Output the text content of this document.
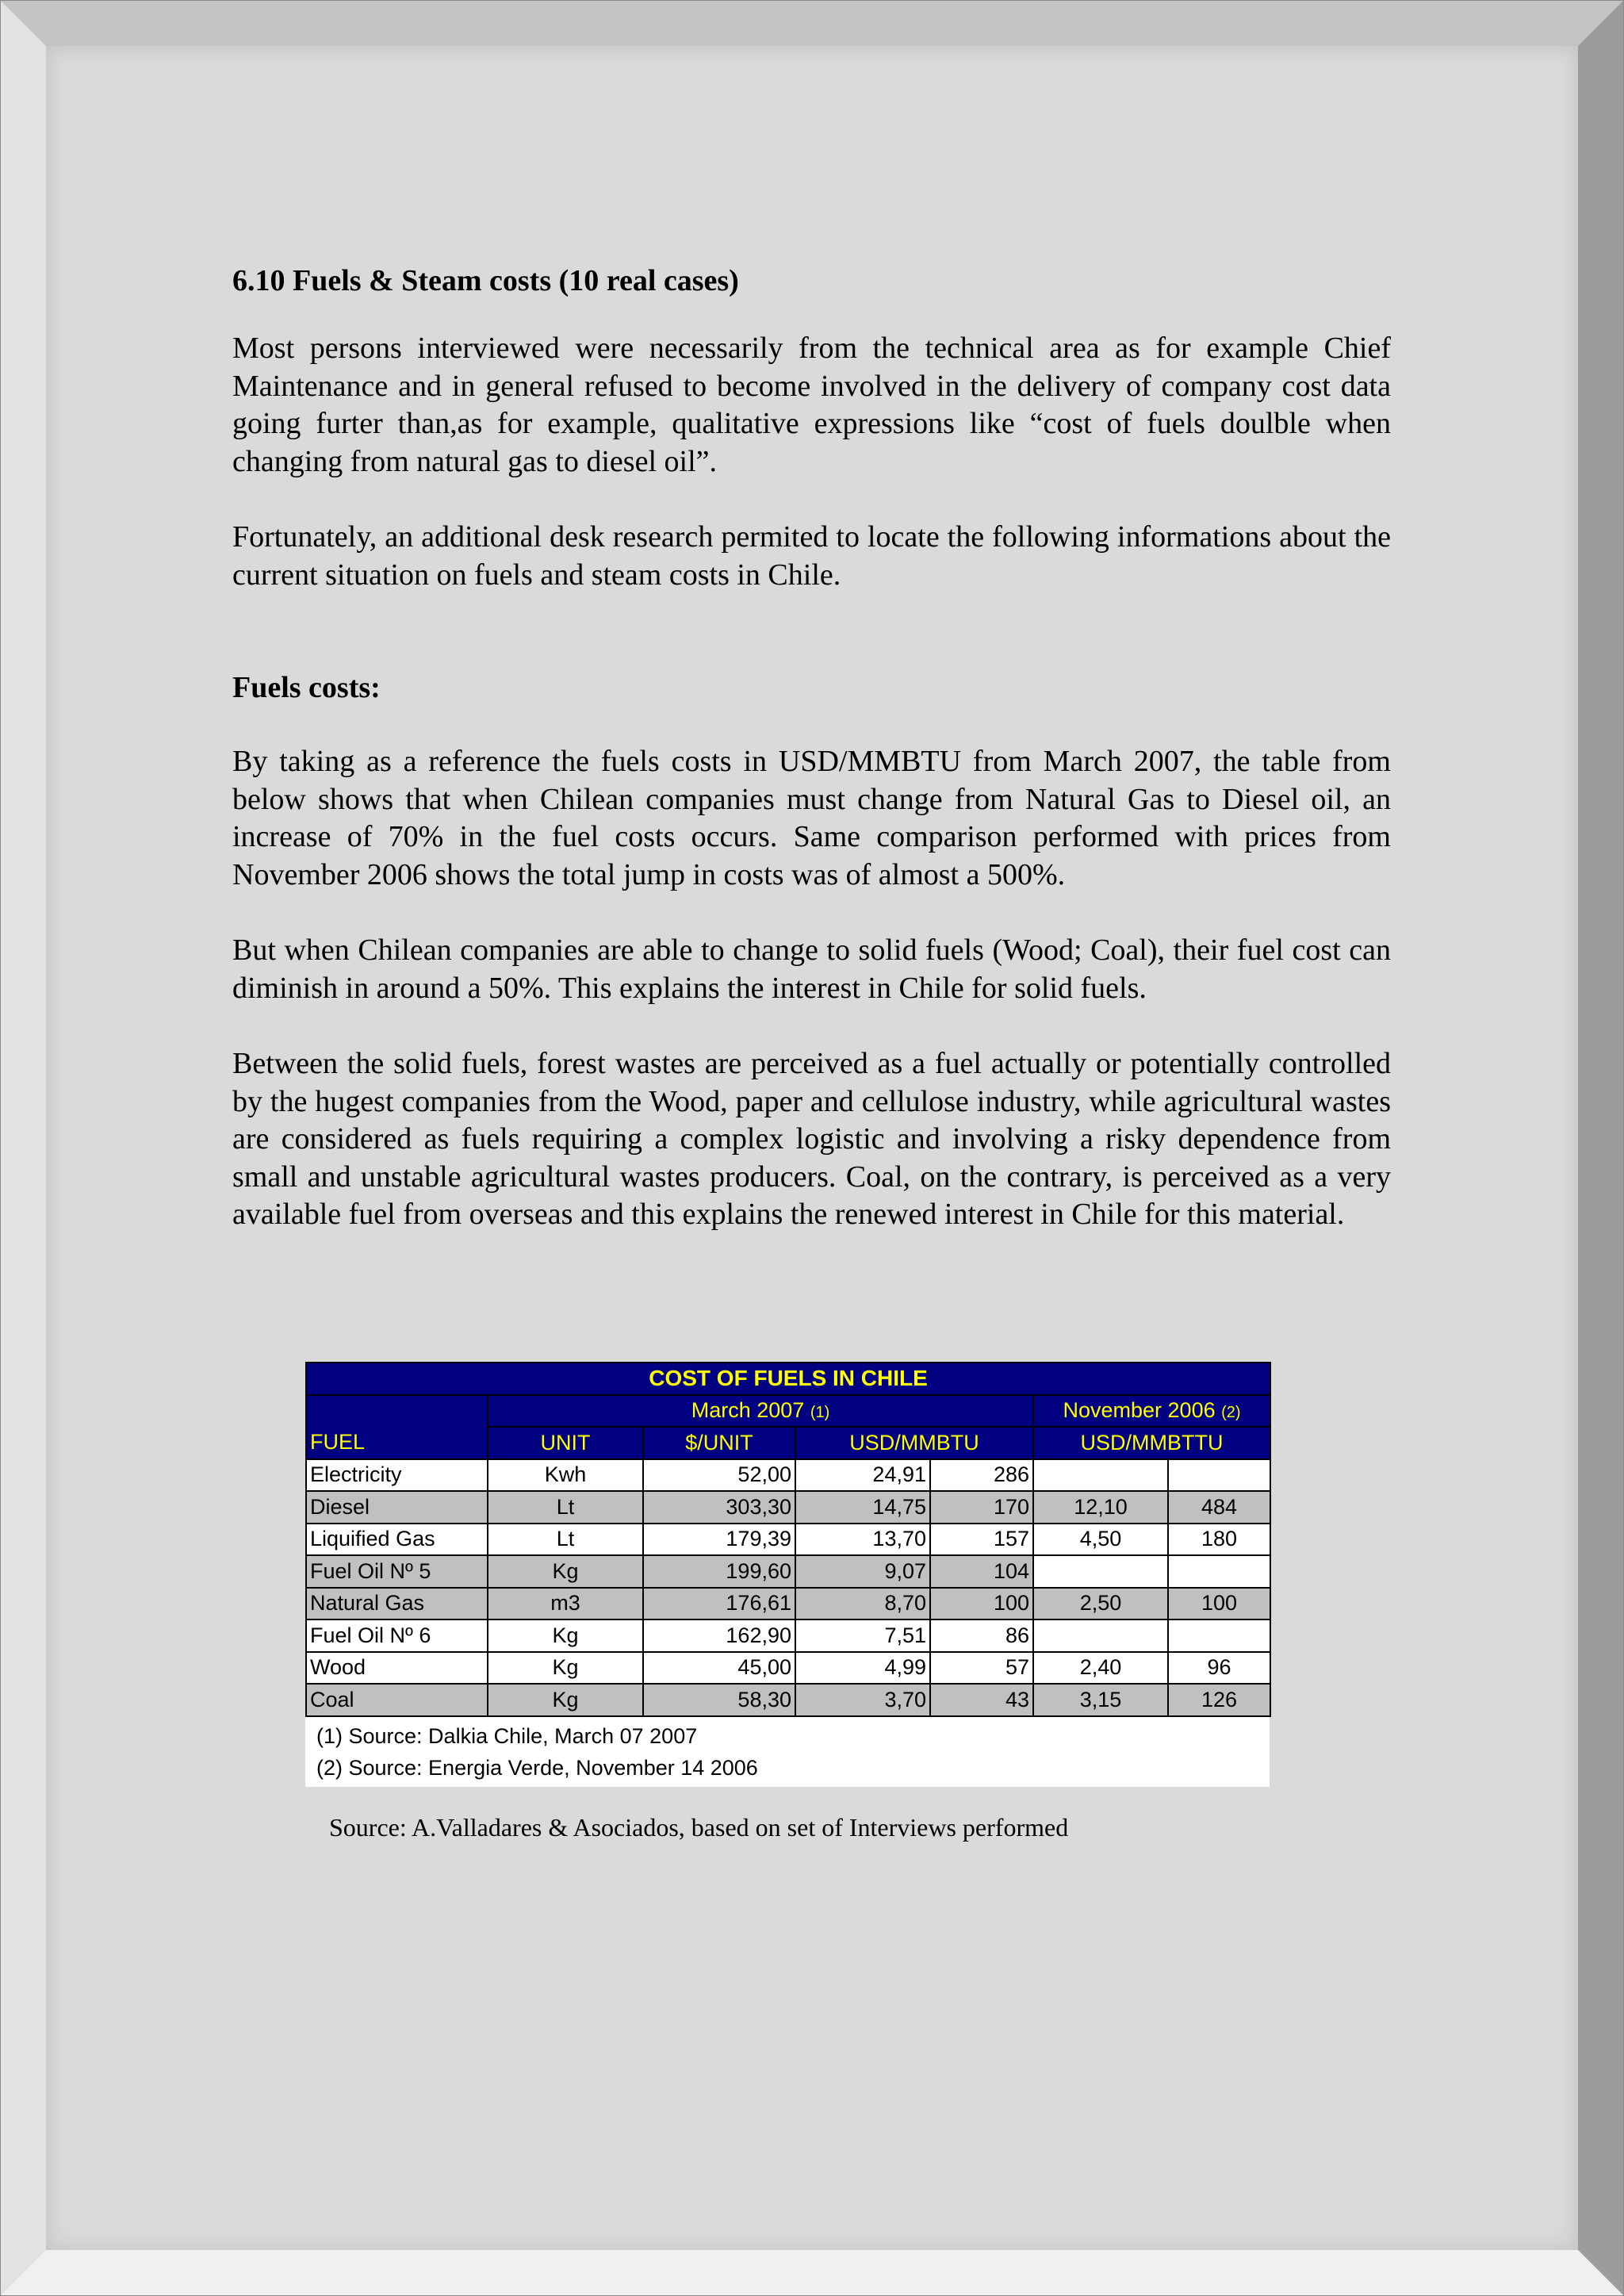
6.10 Fuels & Steam costs (10 real cases)

Most persons interviewed were necessarily from the technical area as for example Chief Maintenance and in general refused to become involved in the delivery of company cost data going furter than,as for example, qualitative expressions like “cost of fuels doulble when changing from natural gas to diesel oil”.

Fortunately, an additional desk research permited to locate the following informations about the current situation on fuels and steam costs in Chile.

Fuels costs:

By taking as a reference the fuels costs in USD/MMBTU from March 2007, the table from below shows that when Chilean companies must change from Natural Gas to Diesel oil, an increase of 70% in the fuel costs occurs. Same comparison performed with prices from November 2006 shows the total jump in costs was of almost a 500%.

But when Chilean companies are able to change to solid fuels (Wood; Coal), their fuel cost can diminish in around a 50%. This explains the interest in Chile for solid fuels.

Between the solid fuels, forest wastes are perceived as a fuel actually or potentially controlled by the hugest companies from the Wood, paper and cellulose industry, while agricultural wastes are considered as fuels requiring a complex logistic and involving a risky dependence from small and unstable agricultural wastes producers. Coal, on the contrary, is perceived as a very available fuel from overseas and this explains the renewed interest in Chile for this material.

COST OF FUELS IN CHILE						
	March 2007 (1)				November 2006 (2)	
FUEL	UNIT	$/UNIT	USD/MMBTU		USD/MMBTTU	
Electricity	Kwh	52,00	24,91	286		
Diesel	Lt	303,30	14,75	170	12,10	484
Liquified Gas	Lt	179,39	13,70	157	4,50	180
Fuel Oil Nº 5	Kg	199,60	9,07	104		
Natural Gas	m3	176,61	8,70	100	2,50	100
Fuel Oil Nº 6	Kg	162,90	7,51	86		
Wood	Kg	45,00	4,99	57	2,40	96
Coal	Kg	58,30	3,70	43	3,15	126
(1) Source: Dalkia Chile, March 07 2007
(2) Source: Energia Verde, November 14 2006
Source: A.Valladares & Asociados, based on set of Interviews performed
